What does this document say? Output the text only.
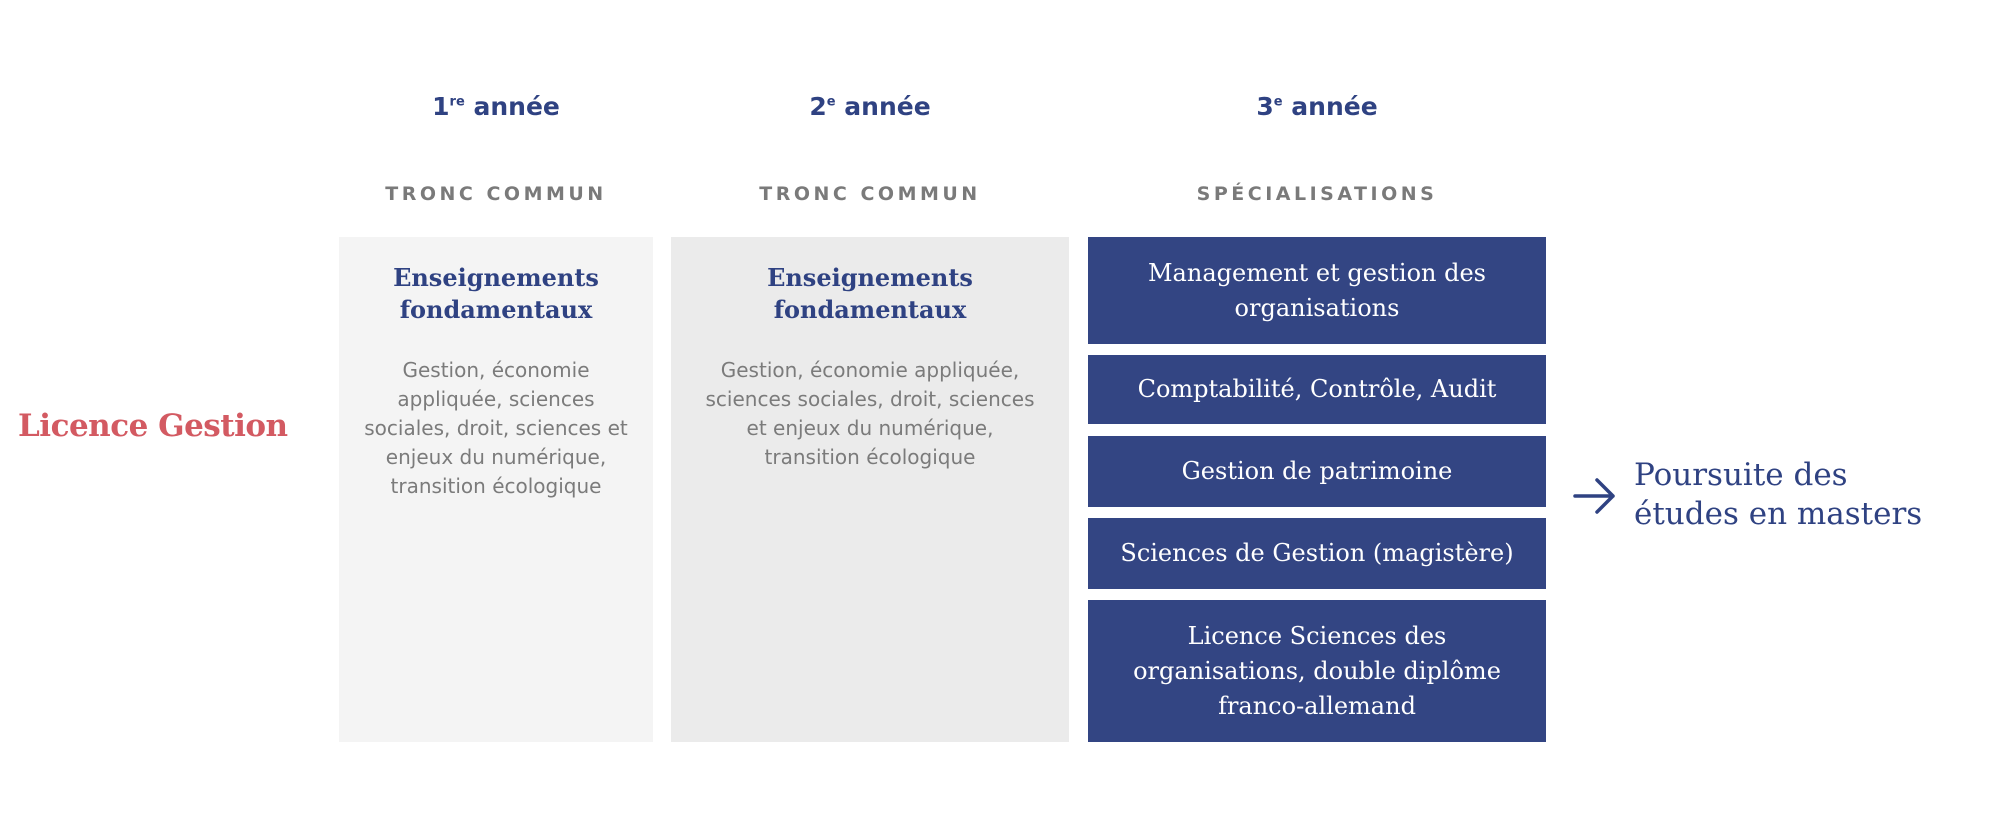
Licence Gestion
1re année	2e année	3e année
TRONC COMMUN	TRONC COMMUN	SPÉCIALISATIONS
Enseignements fondamentaux
Gestion, économie appliquée, sciences sociales, droit, sciences et enjeux du numérique, transition écologique
Enseignements fondamentaux
Gestion, économie appliquée, sciences sociales, droit, sciences et enjeux du numérique, transition écologique
Management et gestion des organisations
Comptabilité, Contrôle, Audit
Gestion de patrimoine
Sciences de Gestion (magistère)
Licence Sciences des organisations, double diplôme franco-allemand
Poursuite des
études en masters
